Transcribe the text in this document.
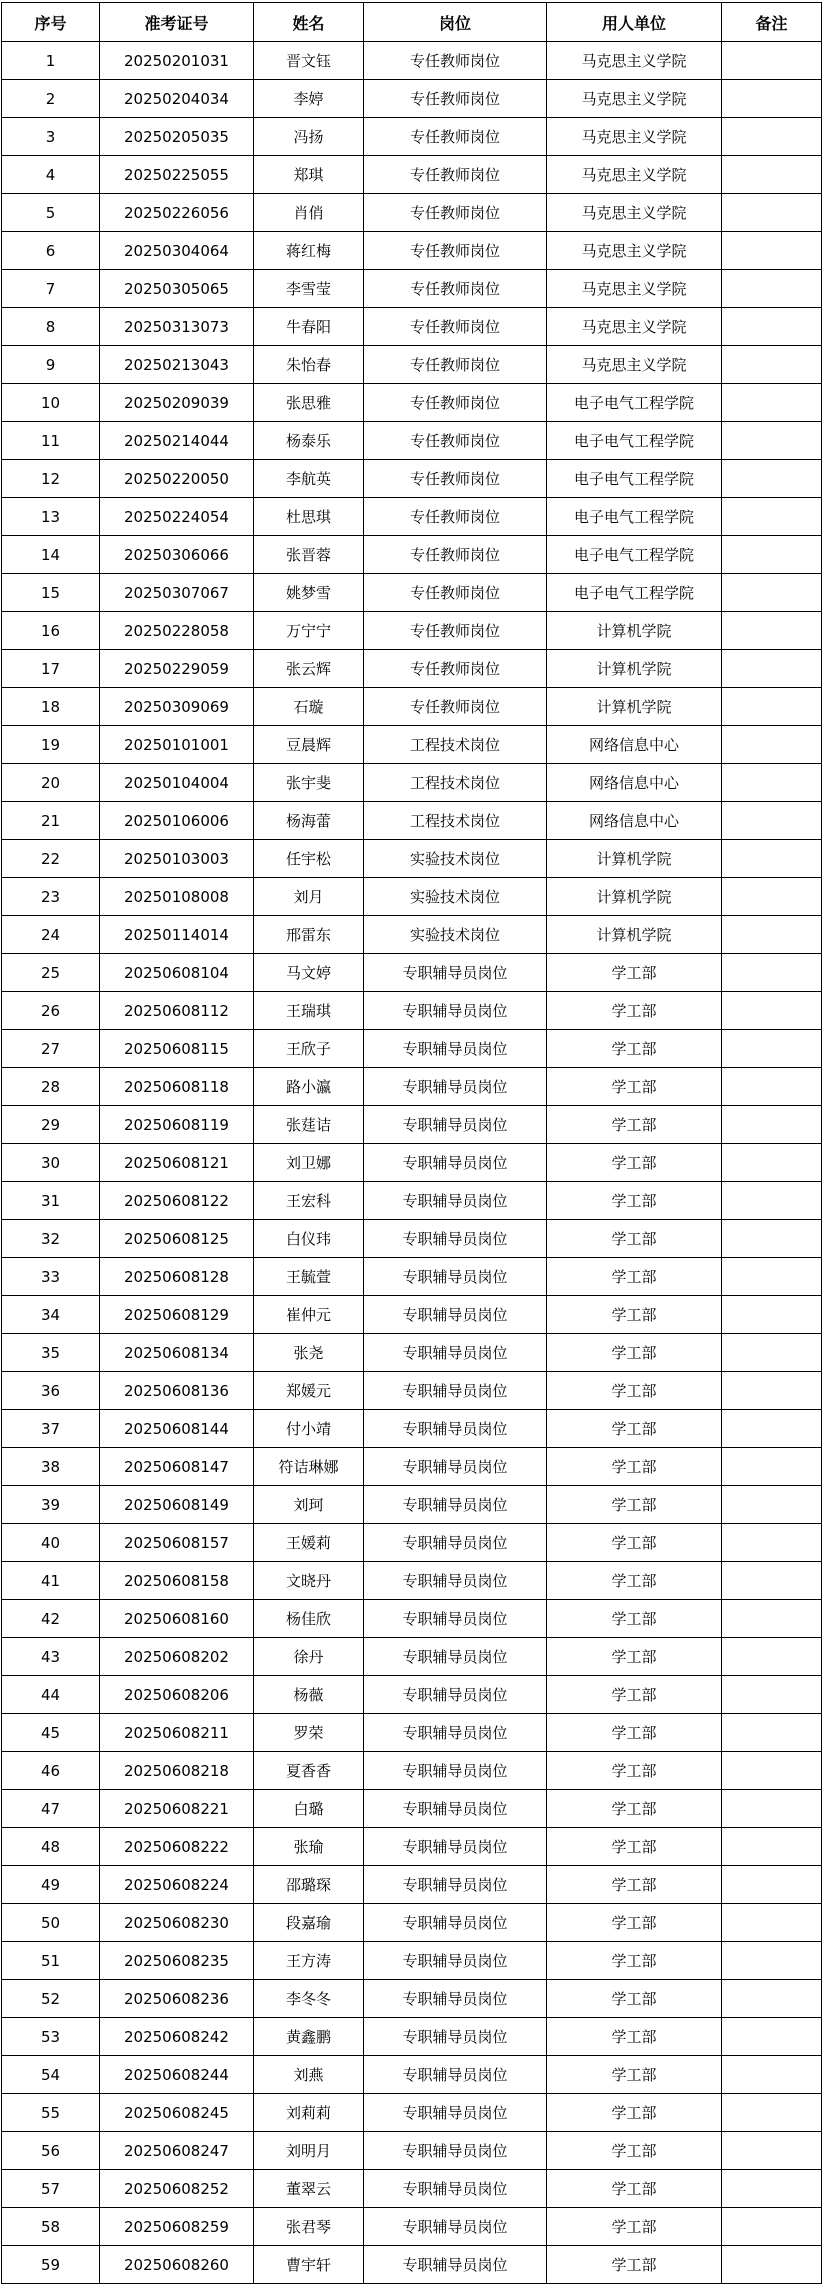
序号	准考证号	姓名	岗位	用人单位	备注
1	20250201031	晋文钰	专任教师岗位	马克思主义学院	
2	20250204034	李婷	专任教师岗位	马克思主义学院	
3	20250205035	冯扬	专任教师岗位	马克思主义学院	
4	20250225055	郑琪	专任教师岗位	马克思主义学院	
5	20250226056	肖俏	专任教师岗位	马克思主义学院	
6	20250304064	蒋红梅	专任教师岗位	马克思主义学院	
7	20250305065	李雪莹	专任教师岗位	马克思主义学院	
8	20250313073	牛春阳	专任教师岗位	马克思主义学院	
9	20250213043	朱怡春	专任教师岗位	马克思主义学院	
10	20250209039	张思雅	专任教师岗位	电子电气工程学院	
11	20250214044	杨泰乐	专任教师岗位	电子电气工程学院	
12	20250220050	李航英	专任教师岗位	电子电气工程学院	
13	20250224054	杜思琪	专任教师岗位	电子电气工程学院	
14	20250306066	张晋蓉	专任教师岗位	电子电气工程学院	
15	20250307067	姚梦雪	专任教师岗位	电子电气工程学院	
16	20250228058	万宁宁	专任教师岗位	计算机学院	
17	20250229059	张云辉	专任教师岗位	计算机学院	
18	20250309069	石璇	专任教师岗位	计算机学院	
19	20250101001	豆晨辉	工程技术岗位	网络信息中心	
20	20250104004	张宇斐	工程技术岗位	网络信息中心	
21	20250106006	杨海蕾	工程技术岗位	网络信息中心	
22	20250103003	任宇松	实验技术岗位	计算机学院	
23	20250108008	刘月	实验技术岗位	计算机学院	
24	20250114014	邢雷东	实验技术岗位	计算机学院	
25	20250608104	马文婷	专职辅导员岗位	学工部	
26	20250608112	王瑞琪	专职辅导员岗位	学工部	
27	20250608115	王欣子	专职辅导员岗位	学工部	
28	20250608118	路小瀛	专职辅导员岗位	学工部	
29	20250608119	张莛诘	专职辅导员岗位	学工部	
30	20250608121	刘卫娜	专职辅导员岗位	学工部	
31	20250608122	王宏科	专职辅导员岗位	学工部	
32	20250608125	白仪玮	专职辅导员岗位	学工部	
33	20250608128	王毓萱	专职辅导员岗位	学工部	
34	20250608129	崔仲元	专职辅导员岗位	学工部	
35	20250608134	张尧	专职辅导员岗位	学工部	
36	20250608136	郑媛元	专职辅导员岗位	学工部	
37	20250608144	付小靖	专职辅导员岗位	学工部	
38	20250608147	符诘琳娜	专职辅导员岗位	学工部	
39	20250608149	刘珂	专职辅导员岗位	学工部	
40	20250608157	王媛莉	专职辅导员岗位	学工部	
41	20250608158	文晓丹	专职辅导员岗位	学工部	
42	20250608160	杨佳欣	专职辅导员岗位	学工部	
43	20250608202	徐丹	专职辅导员岗位	学工部	
44	20250608206	杨薇	专职辅导员岗位	学工部	
45	20250608211	罗荣	专职辅导员岗位	学工部	
46	20250608218	夏香香	专职辅导员岗位	学工部	
47	20250608221	白璐	专职辅导员岗位	学工部	
48	20250608222	张瑜	专职辅导员岗位	学工部	
49	20250608224	邵璐琛	专职辅导员岗位	学工部	
50	20250608230	段嘉瑜	专职辅导员岗位	学工部	
51	20250608235	王方涛	专职辅导员岗位	学工部	
52	20250608236	李冬冬	专职辅导员岗位	学工部	
53	20250608242	黄鑫鹏	专职辅导员岗位	学工部	
54	20250608244	刘燕	专职辅导员岗位	学工部	
55	20250608245	刘莉莉	专职辅导员岗位	学工部	
56	20250608247	刘明月	专职辅导员岗位	学工部	
57	20250608252	董翠云	专职辅导员岗位	学工部	
58	20250608259	张君琴	专职辅导员岗位	学工部	
59	20250608260	曹宇轩	专职辅导员岗位	学工部	
